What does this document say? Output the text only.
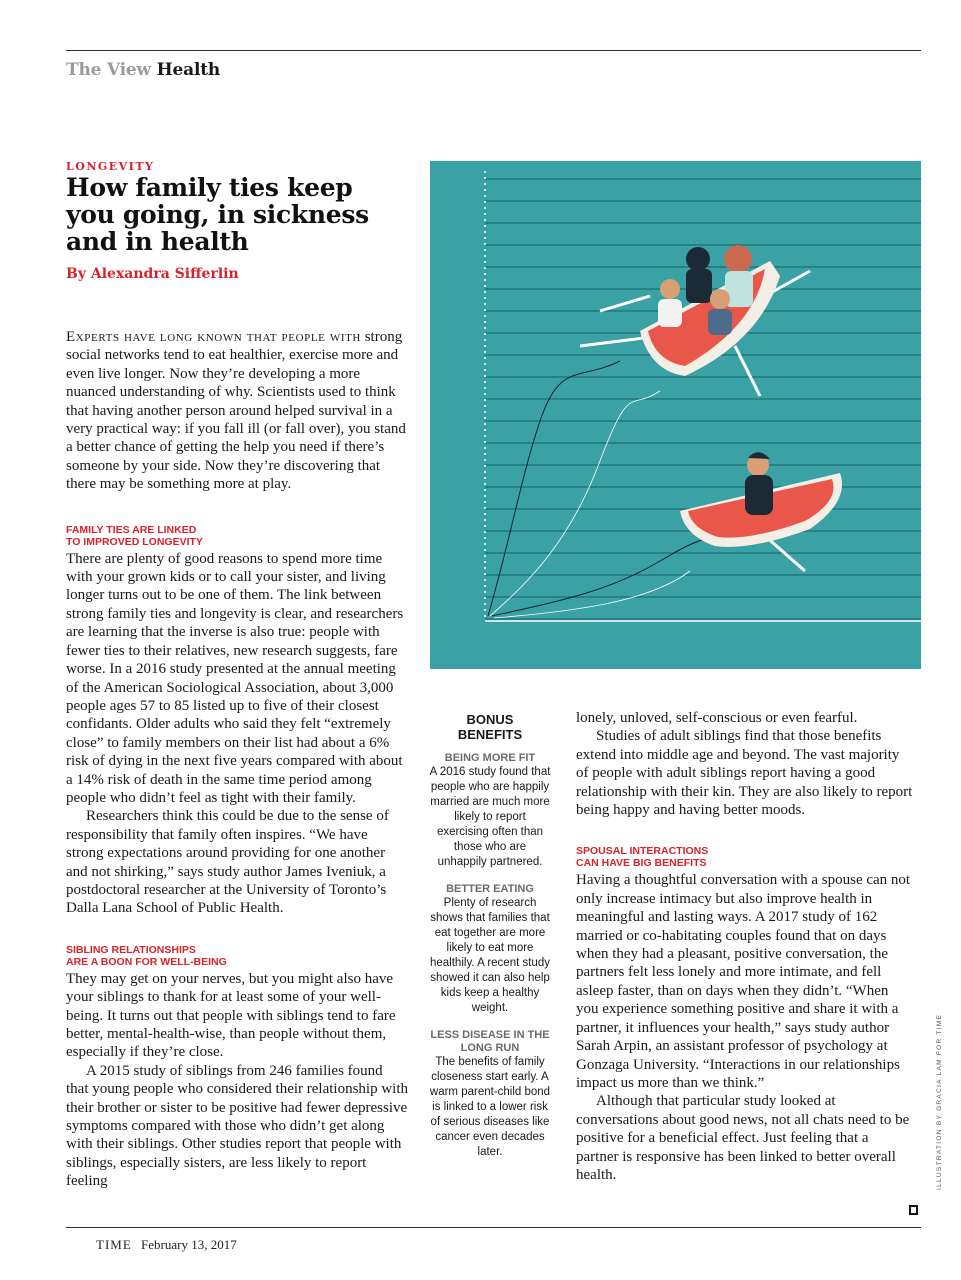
The View Health
LONGEVITY
How family ties keep you going, in sickness and in health
By Alexandra Sifferlin

Experts have long known that people with strong social networks tend to eat healthier, exercise more and even live longer. Now they’re developing a more nuanced understanding of why. Scientists used to think that having another person around helped survival in a very practical way: if you fall ill (or fall over), you stand a better chance of getting the help you need if there’s someone by your side. Now they’re discovering that there may be something more at play.

FAMILY TIES ARE LINKED
TO IMPROVED LONGEVITY

There are plenty of good reasons to spend more time with your grown kids or to call your sister, and living longer turns out to be one of them. The link between strong family ties and longevity is clear, and researchers are learning that the inverse is also true: people with fewer ties to their relatives, new research suggests, fare worse. In a 2016 study presented at the annual meeting of the American Sociological Association, about 3,000 people ages 57 to 85 listed up to five of their closest confidants. Older adults who said they felt “extremely close” to family members on their list had about a 6% risk of dying in the next five years compared with about a 14% risk of death in the same time period among people who didn’t feel as tight with their family.

Researchers think this could be due to the sense of responsibility that family often inspires. “We have strong expectations around providing for one another and not shirking,” says study author James Iveniuk, a postdoctoral researcher at the University of Toronto’s Dalla Lana School of Public Health.

SIBLING RELATIONSHIPS
ARE A BOON FOR WELL-BEING

They may get on your nerves, but you might also have your siblings to thank for at least some of your well-being. It turns out that people with siblings tend to fare better, mental-health-wise, than people without them, especially if they’re close.

A 2015 study of siblings from 246 families found that young people who considered their relationship with their brother or sister to be positive had fewer depressive symptoms compared with those who didn’t get along with their siblings. Other studies report that people with siblings, especially sisters, are less likely to report feeling

BONUS
BENEFITS
BEING MORE FIT
A 2016 study found that people who are happily married are much more likely to report exercising often than those who are unhappily partnered.
BETTER EATING
Plenty of research shows that families that eat together are more likely to eat more healthily. A recent study showed it can also help kids keep a healthy weight.
LESS DISEASE IN THE LONG RUN
The benefits of family closeness start early. A warm parent-child bond is linked to a lower risk of serious diseases like cancer even decades later.

lonely, unloved, self-conscious or even fearful.

Studies of adult siblings find that those benefits extend into middle age and beyond. The vast majority of people with adult siblings report having a good relationship with their kin. They are also likely to report being happy and having better moods.

SPOUSAL INTERACTIONS
CAN HAVE BIG BENEFITS

Having a thoughtful conversation with a spouse can not only increase intimacy but also improve health in meaningful and lasting ways. A 2017 study of 162 married or co-habitating couples found that on days when they had a pleasant, positive conversation, the partners felt less lonely and more intimate, and fell asleep faster, than on days when they didn’t. “When you experience something positive and share it with a partner, it influences your health,” says study author Sarah Arpin, an assistant professor of psychology at Gonzaga University. “Interactions in our relationships impact us more than we think.”

Although that particular study looked at conversations about good news, not all chats need to be positive for a beneficial effect. Just feeling that a partner is responsive has been linked to better overall health.	ILLUSTRATION BY GRACIA LAM FOR TIME
TIME February 13, 2017
